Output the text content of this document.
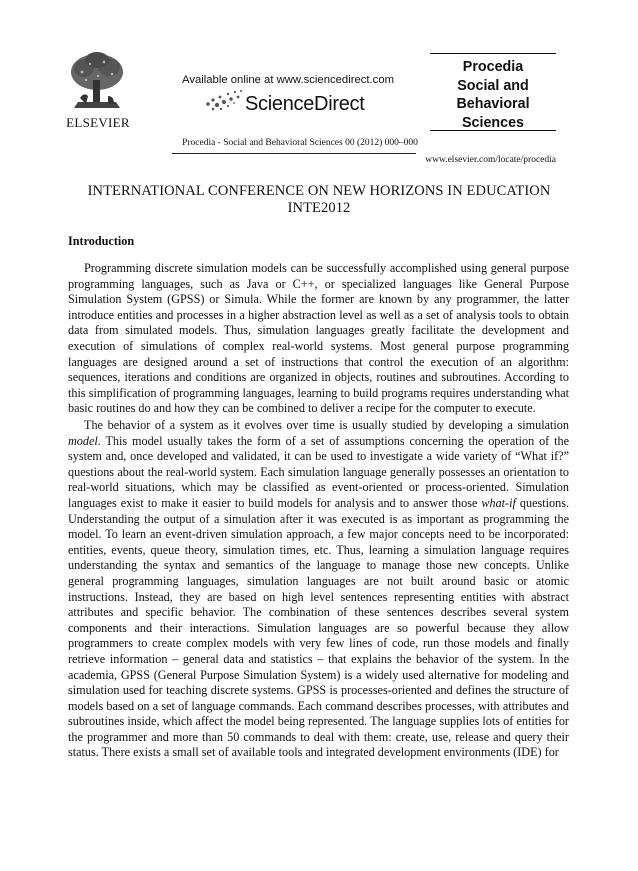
ELSEVIER
Available online at www.sciencedirect.com
ScienceDirect
Procedia - Social and Behavioral Sciences 00 (2012) 000–000
Procedia
Social and
Behavioral
Sciences
www.elsevier.com/locate/procedia
INTERNATIONAL CONFERENCE ON NEW HORIZONS IN EDUCATION
INTE2012
Introduction

Programming discrete simulation models can be successfully accomplished using general purpose programming languages, such as Java or C++, or specialized languages like General Purpose Simulation System (GPSS) or Simula. While the former are known by any programmer, the latter introduce entities and processes in a higher abstraction level as well as a set of analysis tools to obtain data from simulated models. Thus, simulation languages greatly facilitate the development and execution of simulations of complex real-world systems. Most general purpose programming languages are designed around a set of instructions that control the execution of an algorithm: sequences, iterations and conditions are organized in objects, routines and subroutines. According to this simplification of programming languages, learning to build programs requires understanding what basic routines do and how they can be combined to deliver a recipe for the computer to execute.

The behavior of a system as it evolves over time is usually studied by developing a simulation model. This model usually takes the form of a set of assumptions concerning the operation of the system and, once developed and validated, it can be used to investigate a wide variety of “What if?” questions about the real-world system. Each simulation language generally possesses an orientation to real-world situations, which may be classified as event-oriented or process-oriented. Simulation languages exist to make it easier to build models for analysis and to answer those what-if questions. Understanding the output of a simulation after it was executed is as important as programming the model. To learn an event-driven simulation approach, a few major concepts need to be incorporated: entities, events, queue theory, simulation times, etc. Thus, learning a simulation language requires understanding the syntax and semantics of the language to manage those new concepts. Unlike general programming languages, simulation languages are not built around basic or atomic instructions. Instead, they are based on high level sentences representing entities with abstract attributes and specific behavior. The combination of these sentences describes several system components and their interactions. Simulation languages are so powerful because they allow programmers to create complex models with very few lines of code, run those models and finally retrieve information – general data and statistics – that explains the behavior of the system. In the academia, GPSS (General Purpose Simulation System) is a widely used alternative for modeling and simulation used for teaching discrete systems. GPSS is processes-oriented and defines the structure of models based on a set of language commands. Each command describes processes, with attributes and subroutines inside, which affect the model being represented. The language supplies lots of entities for the programmer and more than 50 commands to deal with them: create, use, release and query their status. There exists a small set of available tools and integrated development environments (IDE) for
